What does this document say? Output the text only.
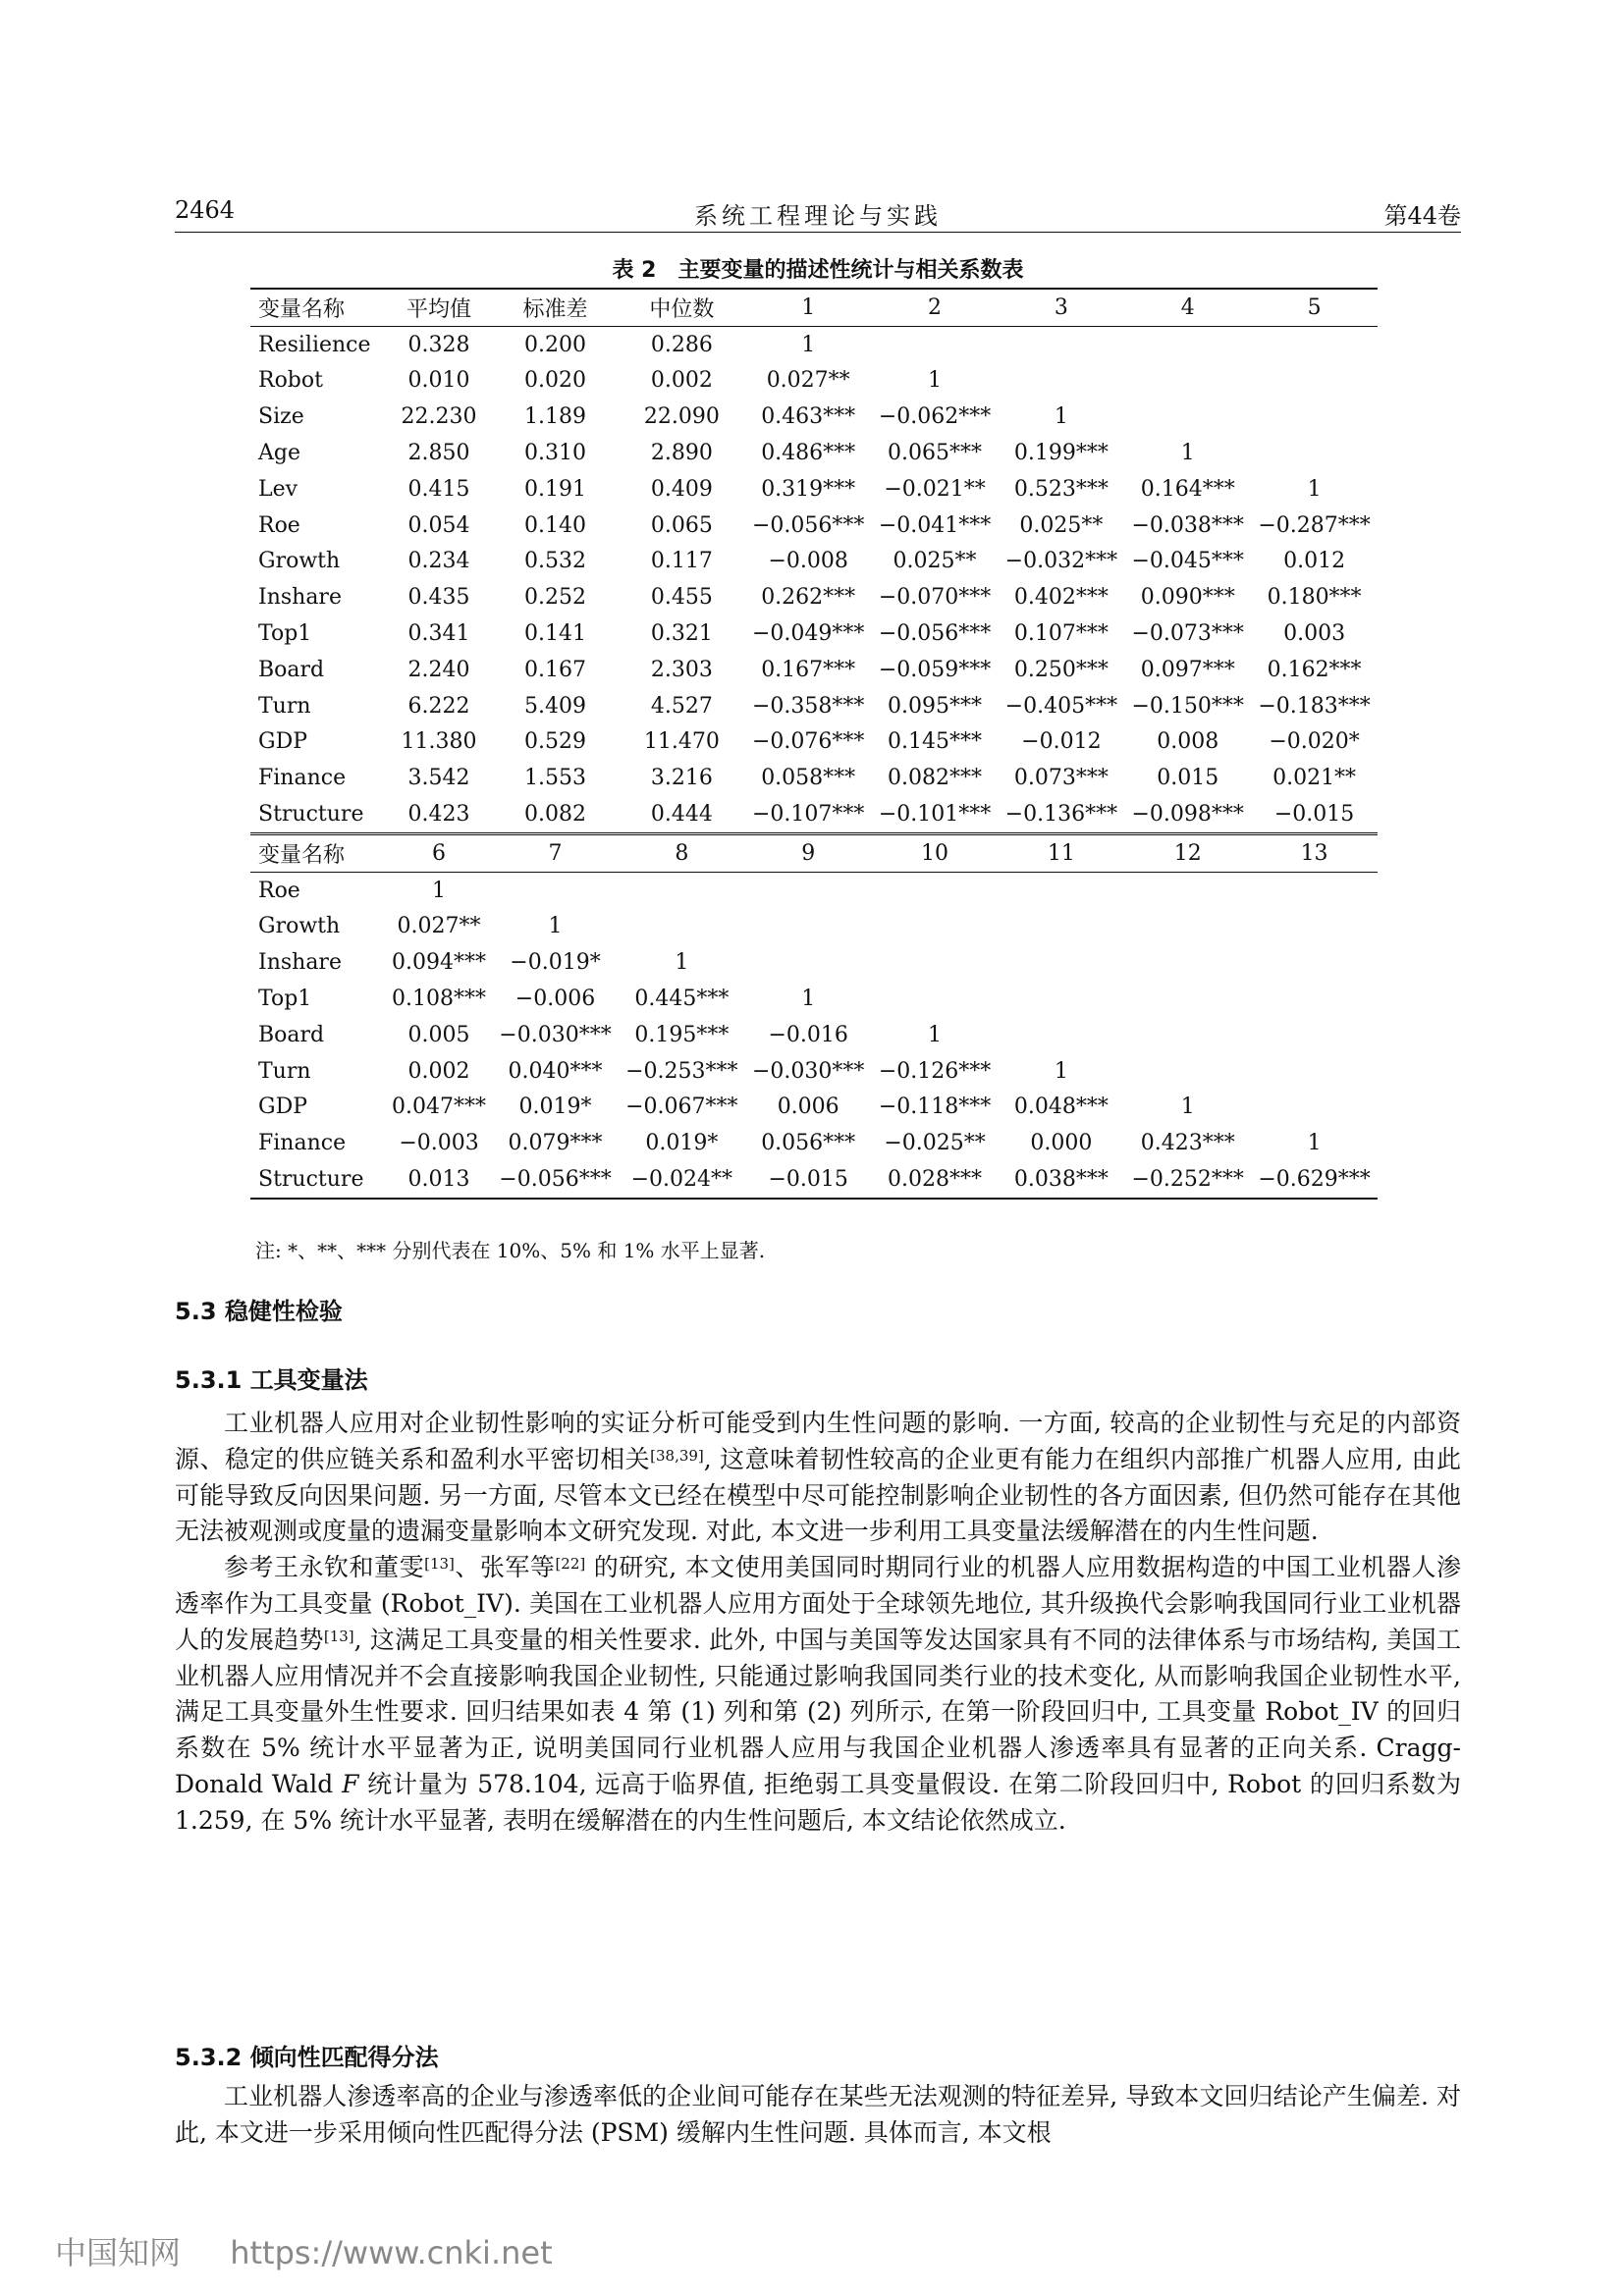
2464	系统工程理论与实践	第44卷
表 2　主要变量的描述性统计与相关系数表
变量名称	平均值	标准差	中位数	1	2	3	4	5
Resilience	0.328	0.200	0.286	1				
Robot	0.010	0.020	0.002	0.027**	1			
Size	22.230	1.189	22.090	0.463***	−0.062***	1		
Age	2.850	0.310	2.890	0.486***	0.065***	0.199***	1	
Lev	0.415	0.191	0.409	0.319***	−0.021**	0.523***	0.164***	1
Roe	0.054	0.140	0.065	−0.056***	−0.041***	0.025**	−0.038***	−0.287***
Growth	0.234	0.532	0.117	−0.008	0.025**	−0.032***	−0.045***	0.012
Inshare	0.435	0.252	0.455	0.262***	−0.070***	0.402***	0.090***	0.180***
Top1	0.341	0.141	0.321	−0.049***	−0.056***	0.107***	−0.073***	0.003
Board	2.240	0.167	2.303	0.167***	−0.059***	0.250***	0.097***	0.162***
Turn	6.222	5.409	4.527	−0.358***	0.095***	−0.405***	−0.150***	−0.183***
GDP	11.380	0.529	11.470	−0.076***	0.145***	−0.012	0.008	−0.020*
Finance	3.542	1.553	3.216	0.058***	0.082***	0.073***	0.015	0.021**
Structure	0.423	0.082	0.444	−0.107***	−0.101***	−0.136***	−0.098***	−0.015
变量名称	6	7	8	9	10	11	12	13
Roe	1							
Growth	0.027**	1						
Inshare	0.094***	−0.019*	1					
Top1	0.108***	−0.006	0.445***	1				
Board	0.005	−0.030***	0.195***	−0.016	1			
Turn	0.002	0.040***	−0.253***	−0.030***	−0.126***	1		
GDP	0.047***	0.019*	−0.067***	0.006	−0.118***	0.048***	1	
Finance	−0.003	0.079***	0.019*	0.056***	−0.025**	0.000	0.423***	1
Structure	0.013	−0.056***	−0.024**	−0.015	0.028***	0.038***	−0.252***	−0.629***
注: *、**、*** 分别代表在 10%、5% 和 1% 水平上显著.
5.3 稳健性检验
5.3.1 工具变量法

工业机器人应用对企业韧性影响的实证分析可能受到内生性问题的影响. 一方面, 较高的企业韧性与充足的内部资源、稳定的供应链关系和盈利水平密切相关[38,39], 这意味着韧性较高的企业更有能力在组织内部推广机器人应用, 由此可能导致反向因果问题. 另一方面, 尽管本文已经在模型中尽可能控制影响企业韧性的各方面因素, 但仍然可能存在其他无法被观测或度量的遗漏变量影响本文研究发现. 对此, 本文进一步利用工具变量法缓解潜在的内生性问题.

参考王永钦和董雯[13]、张军等[22] 的研究, 本文使用美国同时期同行业的机器人应用数据构造的中国工业机器人渗透率作为工具变量 (Robot_IV). 美国在工业机器人应用方面处于全球领先地位, 其升级换代会影响我国同行业工业机器人的发展趋势[13], 这满足工具变量的相关性要求. 此外, 中国与美国等发达国家具有不同的法律体系与市场结构, 美国工业机器人应用情况并不会直接影响我国企业韧性, 只能通过影响我国同类行业的技术变化, 从而影响我国企业韧性水平, 满足工具变量外生性要求. 回归结果如表 4 第 (1) 列和第 (2) 列所示, 在第一阶段回归中, 工具变量 Robot_IV 的回归系数在 5% 统计水平显著为正, 说明美国同行业机器人应用与我国企业机器人渗透率具有显著的正向关系. Cragg-Donald Wald F 统计量为 578.104, 远高于临界值, 拒绝弱工具变量假设. 在第二阶段回归中, Robot 的回归系数为 1.259, 在 5% 统计水平显著, 表明在缓解潜在的内生性问题后, 本文结论依然成立.

5.3.2 倾向性匹配得分法

工业机器人渗透率高的企业与渗透率低的企业间可能存在某些无法观测的特征差异, 导致本文回归结论产生偏差. 对此, 本文进一步采用倾向性匹配得分法 (PSM) 缓解内生性问题. 具体而言, 本文根

中国知网 https://www.cnki.net
